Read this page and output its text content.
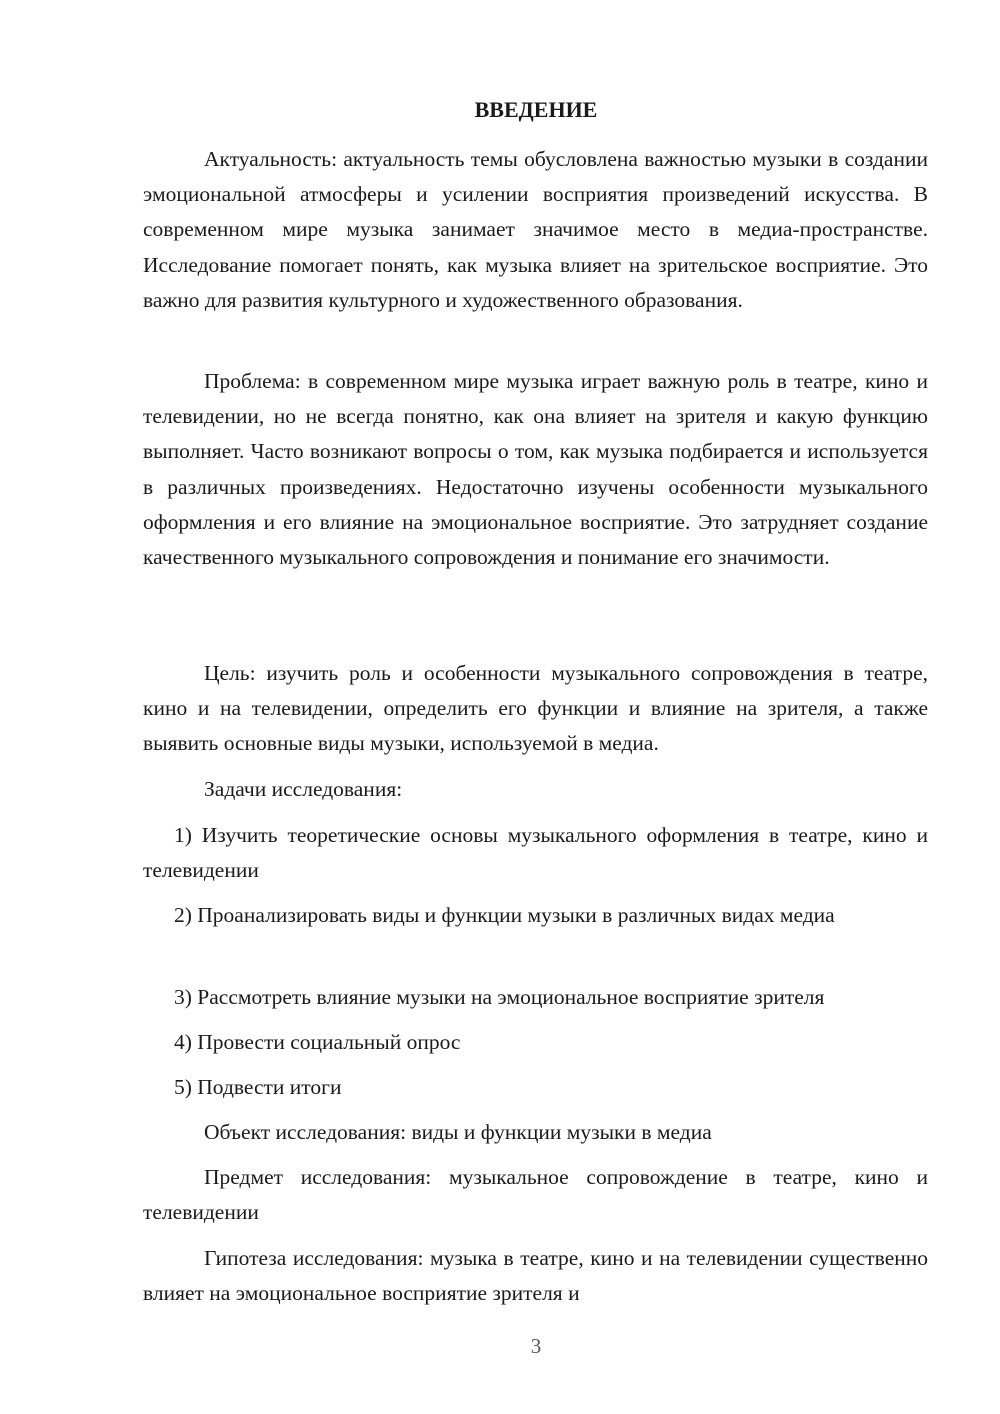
ВВЕДЕНИЕ

Актуальность: актуальность темы обусловлена важностью музыки в создании эмоциональной атмосферы и усилении восприятия произведений искусства. В современном мире музыка занимает значимое место в медиа-пространстве. Исследование помогает понять, как музыка влияет на зрительское восприятие. Это важно для развития культурного и художественного образования.

Проблема: в современном мире музыка играет важную роль в театре, кино и телевидении, но не всегда понятно, как она влияет на зрителя и какую функцию выполняет. Часто возникают вопросы о том, как музыка подбирается и используется в различных произведениях. Недостаточно изучены особенности музыкального оформления и его влияние на эмоциональное восприятие. Это затрудняет создание качественного музыкального сопровождения и понимание его значимости.

Цель: изучить роль и особенности музыкального сопровождения в театре, кино и на телевидении, определить его функции и влияние на зрителя, а также выявить основные виды музыки, используемой в медиа.

Задачи исследования:

1) Изучить теоретические основы музыкального оформления в театре, кино и телевидении

2) Проанализировать виды и функции музыки в различных видах медиа

3) Рассмотреть влияние музыки на эмоциональное восприятие зрителя

4) Провести социальный опрос

5) Подвести итоги

Объект исследования: виды и функции музыки в медиа

Предмет исследования: музыкальное сопровождение в театре, кино и телевидении

Гипотеза исследования: музыка в театре, кино и на телевидении существенно влияет на эмоциональное восприятие зрителя и

3
